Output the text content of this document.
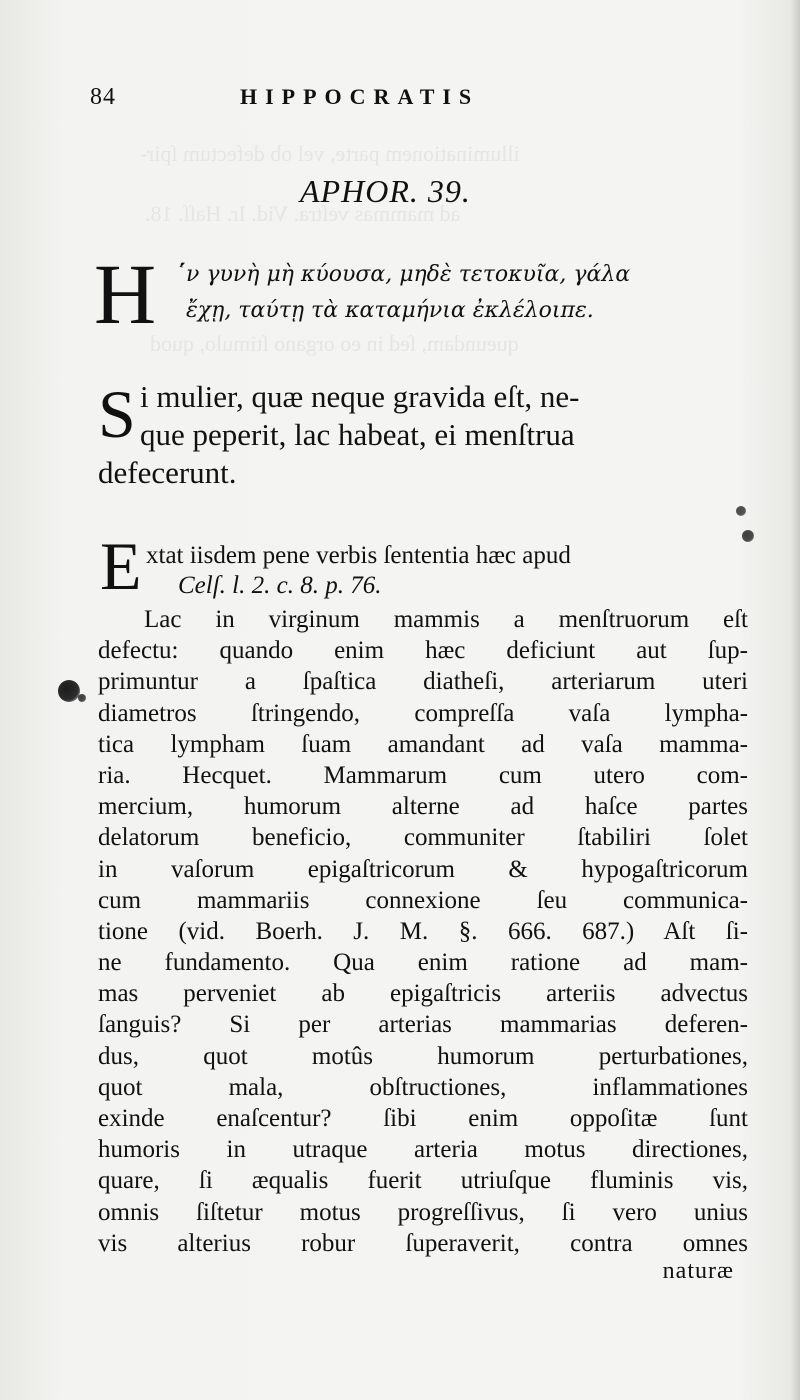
illuminationem parte, vel ob defectum ſpir-
ad mammas veſtra. Vid. Ir. Haſſ. 18.
queundam, ſed in eo organo ſtimulo, quod
84	HIPPOCRATIS
APHOR. 39.
H ̔́ν γυνὴ μὴ κύουσα, μηδὲ τετοκυῖα, γάλα
ἔχῃ, ταύτῃ τὰ καταμήνια ἐκλέλοιπε.
S i mulier, quæ neque gravida eſt, ne-
que peperit, lac habeat, ei menſtrua
defecerunt.
E xtat iisdem pene verbis ſententia hæc apud
Celſ. l. 2. c. 8. p. 76.
Lac in virginum mammis a menſtruorum eſt
defectu: quando enim hæc deficiunt aut ſup-
primuntur a ſpaſtica diatheſi, arteriarum uteri
diametros ſtringendo, compreſſa vaſa lympha-
tica lympham ſuam amandant ad vaſa mamma-
ria. Hecquet. Mammarum cum utero com-
mercium, humorum alterne ad haſce partes
delatorum beneficio, communiter ſtabiliri ſolet
in vaſorum epigaſtricorum & hypogaſtricorum
cum mammariis connexione ſeu communica-
tione (vid. Boerh. J. M. §. 666. 687.) Aſt ſi-
ne fundamento. Qua enim ratione ad mam-
mas perveniet ab epigaſtricis arteriis advectus
ſanguis? Si per arterias mammarias deferen-
dus, quot motûs humorum perturbationes,
quot mala, obſtructiones, inflammationes
exinde enaſcentur? ſibi enim oppoſitæ ſunt
humoris in utraque arteria motus directiones,
quare, ſi æqualis fuerit utriuſque fluminis vis,
omnis ſiſtetur motus progreſſivus, ſi vero unius
vis alterius robur ſuperaverit, contra omnes
naturæ
